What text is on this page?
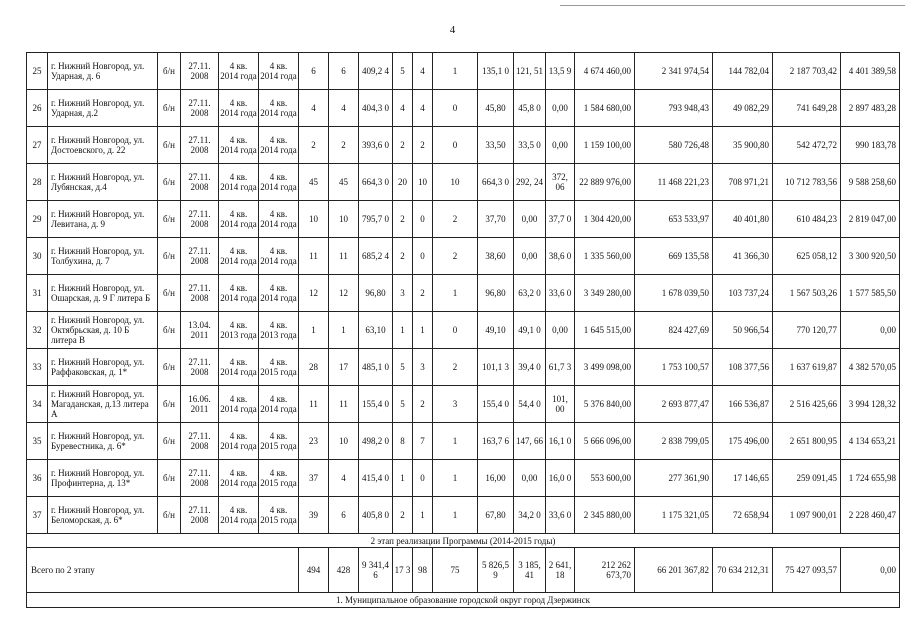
4
25	г. Нижний Новгород, ул. Ударная, д. 6	б/н	27.11. 2008	4 кв. 2014 года	4 кв. 2014 года	6	6	409,2 4	5	4	1	135,1 0	121, 51	13,5 9	4 674 460,00	2 341 974,54	144 782,04	2 187 703,42	4 401 389,58
26	г. Нижний Новгород, ул. Ударная, д.2	б/н	27.11. 2008	4 кв. 2014 года	4 кв. 2014 года	4	4	404,3 0	4	4	0	45,80	45,8 0	0,00	1 584 680,00	793 948,43	49 082,29	741 649,28	2 897 483,28
27	г. Нижний Новгород, ул. Достоевского, д. 22	б/н	27.11. 2008	4 кв. 2014 года	4 кв. 2014 года	2	2	393,6 0	2	2	0	33,50	33,5 0	0,00	1 159 100,00	580 726,48	35 900,80	542 472,72	990 183,78
28	г. Нижний Новгород, ул. Лубянская, д.4	б/н	27.11. 2008	4 кв. 2014 года	4 кв. 2014 года	45	45	664,3 0	20	10	10	664,3 0	292, 24	372, 06	22 889 976,00	11 468 221,23	708 971,21	10 712 783,56	9 588 258,60
29	г. Нижний Новгород, ул. Левитана, д. 9	б/н	27.11. 2008	4 кв. 2014 года	4 кв. 2014 года	10	10	795,7 0	2	0	2	37,70	0,00	37,7 0	1 304 420,00	653 533,97	40 401,80	610 484,23	2 819 047,00
30	г. Нижний Новгород, ул. Толбухина, д. 7	б/н	27.11. 2008	4 кв. 2014 года	4 кв. 2014 года	11	11	685,2 4	2	0	2	38,60	0,00	38,6 0	1 335 560,00	669 135,58	41 366,30	625 058,12	3 300 920,50
31	г. Нижний Новгород, ул. Ошарская, д. 9 Г литера Б	б/н	27.11. 2008	4 кв. 2014 года	4 кв. 2014 года	12	12	96,80	3	2	1	96,80	63,2 0	33,6 0	3 349 280,00	1 678 039,50	103 737,24	1 567 503,26	1 577 585,50
32	г. Нижний Новгород, ул. Октябрьская, д. 10 Б литера В	б/н	13.04. 2011	4 кв. 2013 года	4 кв. 2013 года	1	1	63,10	1	1	0	49,10	49,1 0	0,00	1 645 515,00	824 427,69	50 966,54	770 120,77	0,00
33	г. Нижний Новгород, ул. Раффаковская, д. 1*	б/н	27.11. 2008	4 кв. 2014 года	4 кв. 2015 года	28	17	485,1 0	5	3	2	101,1 3	39,4 0	61,7 3	3 499 098,00	1 753 100,57	108 377,56	1 637 619,87	4 382 570,05
34	г. Нижний Новгород, ул. Магаданская, д.13 литера А	б/н	16.06. 2011	4 кв. 2014 года	4 кв. 2014 года	11	11	155,4 0	5	2	3	155,4 0	54,4 0	101, 00	5 376 840,00	2 693 877,47	166 536,87	2 516 425,66	3 994 128,32
35	г. Нижний Новгород, ул. Буревестника, д. 6*	б/н	27.11. 2008	4 кв. 2014 года	4 кв. 2015 года	23	10	498,2 0	8	7	1	163,7 6	147, 66	16,1 0	5 666 096,00	2 838 799,05	175 496,00	2 651 800,95	4 134 653,21
36	г. Нижний Новгород, ул. Профинтерна, д. 13*	б/н	27.11. 2008	4 кв. 2014 года	4 кв. 2015 года	37	4	415,4 0	1	0	1	16,00	0,00	16,0 0	553 600,00	277 361,90	17 146,65	259 091,45	1 724 655,98
37	г. Нижний Новгород, ул. Беломорская, д. 6*	б/н	27.11. 2008	4 кв. 2014 года	4 кв. 2015 года	39	6	405,8 0	2	1	1	67,80	34,2 0	33,6 0	2 345 880,00	1 175 321,05	72 658,94	1 097 900,01	2 228 460,47
2 этап реализации Программы (2014-2015 годы)																			
Всего по 2 этапу						494	428	9 341,4 6	17 3	98	75	5 826,5 9	3 185, 41	2 641, 18	212 262 673,70	66 201 367,82	70 634 212,31	75 427 093,57	0,00
1. Муниципальное образование городской округ город Дзержинск																			
